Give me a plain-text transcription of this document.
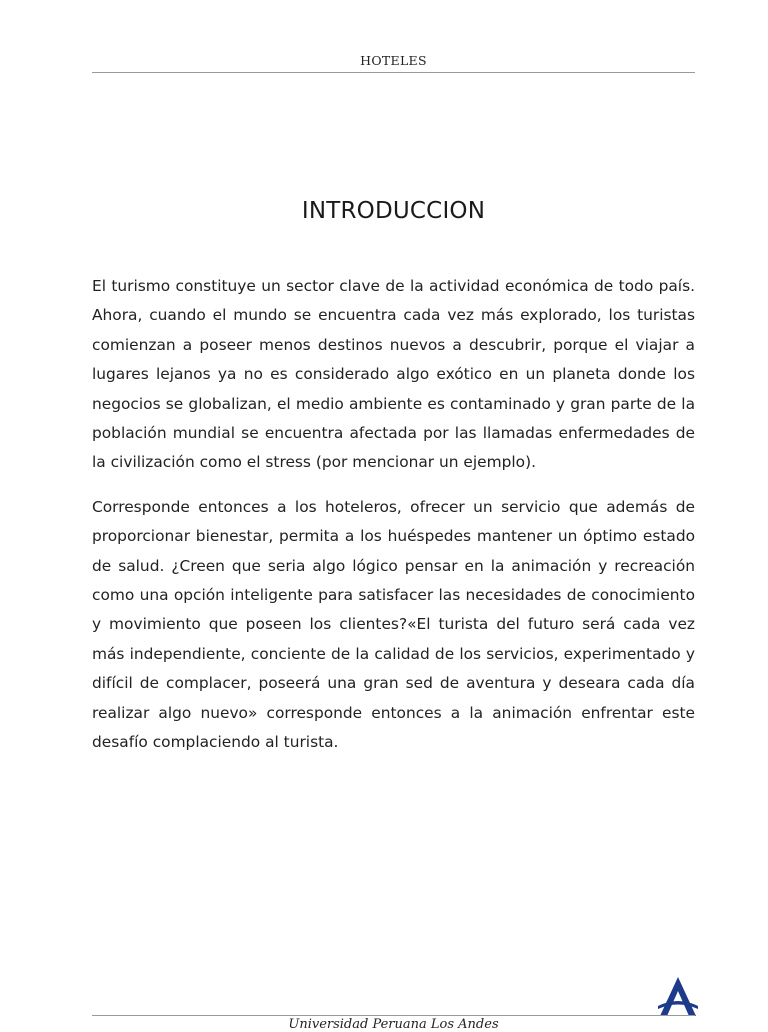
HOTELES
INTRODUCCION

El turismo constituye un sector clave de la actividad económica de todo país. Ahora, cuando el mundo se encuentra cada vez más explorado, los turistas comienzan a poseer menos destinos nuevos a descubrir, porque el viajar a lugares lejanos ya no es considerado algo exótico en un planeta donde los negocios se globalizan, el medio ambiente es contaminado y gran parte de la población mundial se encuentra afectada por las llamadas enfermedades de la civilización como el stress (por mencionar un ejemplo).

Corresponde entonces a los hoteleros, ofrecer un servicio que además de proporcionar bienestar, permita a los huéspedes mantener un óptimo estado de salud. ¿Creen que seria algo lógico pensar en la animación y recreación como una opción inteligente para satisfacer las necesidades de conocimiento y movimiento que poseen los clientes?«El turista del futuro será cada vez más independiente, conciente de la calidad de los servicios, experimentado y difícil de complacer, poseerá una gran sed de aventura y deseara cada día realizar algo nuevo» corresponde entonces a la animación enfrentar este desafío complaciendo al turista.

Universidad Peruana Los Andes
